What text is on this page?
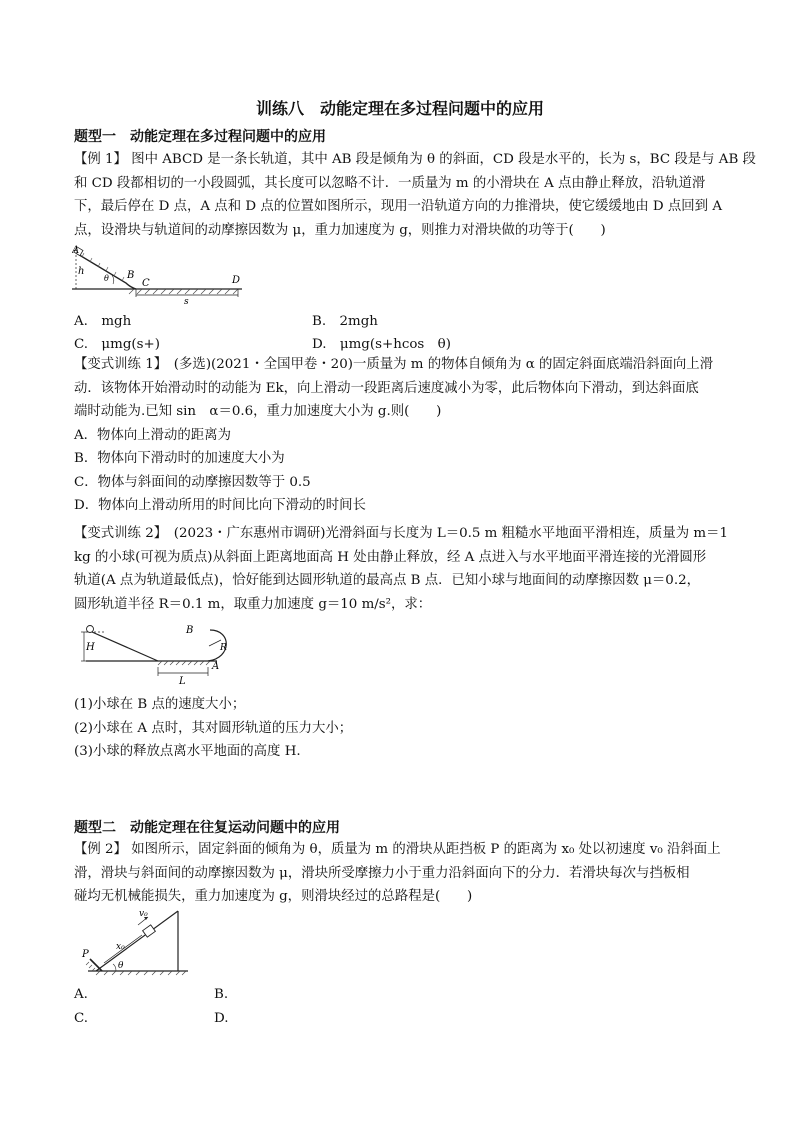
训练八　动能定理在多过程问题中的应用
题型一　动能定理在多过程问题中的应用

【例 1】 图中 ABCD 是一条长轨道，其中 AB 段是倾角为 θ 的斜面，CD 段是水平的，长为 s，BC 段是与 AB 段

和 CD 段都相切的一小段圆弧，其长度可以忽略不计．一质量为 m 的小滑块在 A 点由静止释放，沿轨道滑

下，最后停在 D 点，A 点和 D 点的位置如图所示，现用一沿轨道方向的力推滑块，使它缓缓地由 D 点回到 A

点，设滑块与轨道间的动摩擦因数为 μ，重力加速度为 g，则推力对滑块做的功等于(　　)

A
h
θ B
C	D
s
A.　mgh	B.　2mgh
C.　μmg(s+)	D.　μmg(s+hcos　θ)

【变式训练 1】　(多选)(2021・全国甲卷・20)一质量为 m 的物体自倾角为 α 的固定斜面底端沿斜面向上滑

动．该物体开始滑动时的动能为 Ek，向上滑动一段距离后速度减小为零，此后物体向下滑动，到达斜面底

端时动能为.已知 sin　α＝0.6，重力加速度大小为 g.则(　　)

A．物体向上滑动的距离为

B．物体向下滑动时的加速度大小为

C．物体与斜面间的动摩擦因数等于 0.5

D．物体向上滑动所用的时间比向下滑动的时间长

【变式训练 2】　(2023・广东惠州市调研)光滑斜面与长度为 L＝0.5 m 粗糙水平地面平滑相连，质量为 m＝1

kg 的小球(可视为质点)从斜面上距离地面高 H 处由静止释放，经 A 点进入与水平地面平滑连接的光滑圆形

轨道(A 点为轨道最低点)，恰好能到达圆形轨道的最高点 B 点．已知小球与地面间的动摩擦因数 μ＝0.2，

圆形轨道半径 R＝0.1 m，取重力加速度 g＝10 m/s²，求：

H
L
A
B
R

(1)小球在 B 点的速度大小；

(2)小球在 A 点时，其对圆形轨道的压力大小；

(3)小球的释放点离水平地面的高度 H.

题型二　动能定理在往复运动问题中的应用

【例 2】 如图所示，固定斜面的倾角为 θ，质量为 m 的滑块从距挡板 P 的距离为 x₀ 处以初速度 v₀ 沿斜面上

滑，滑块与斜面间的动摩擦因数为 μ，滑块所受摩擦力小于重力沿斜面向下的分力．若滑块每次与挡板相

碰均无机械能损失，重力加速度为 g，则滑块经过的总路程是(　　)

P
v₀
x₀
θ
A.	B.
C.	D.
